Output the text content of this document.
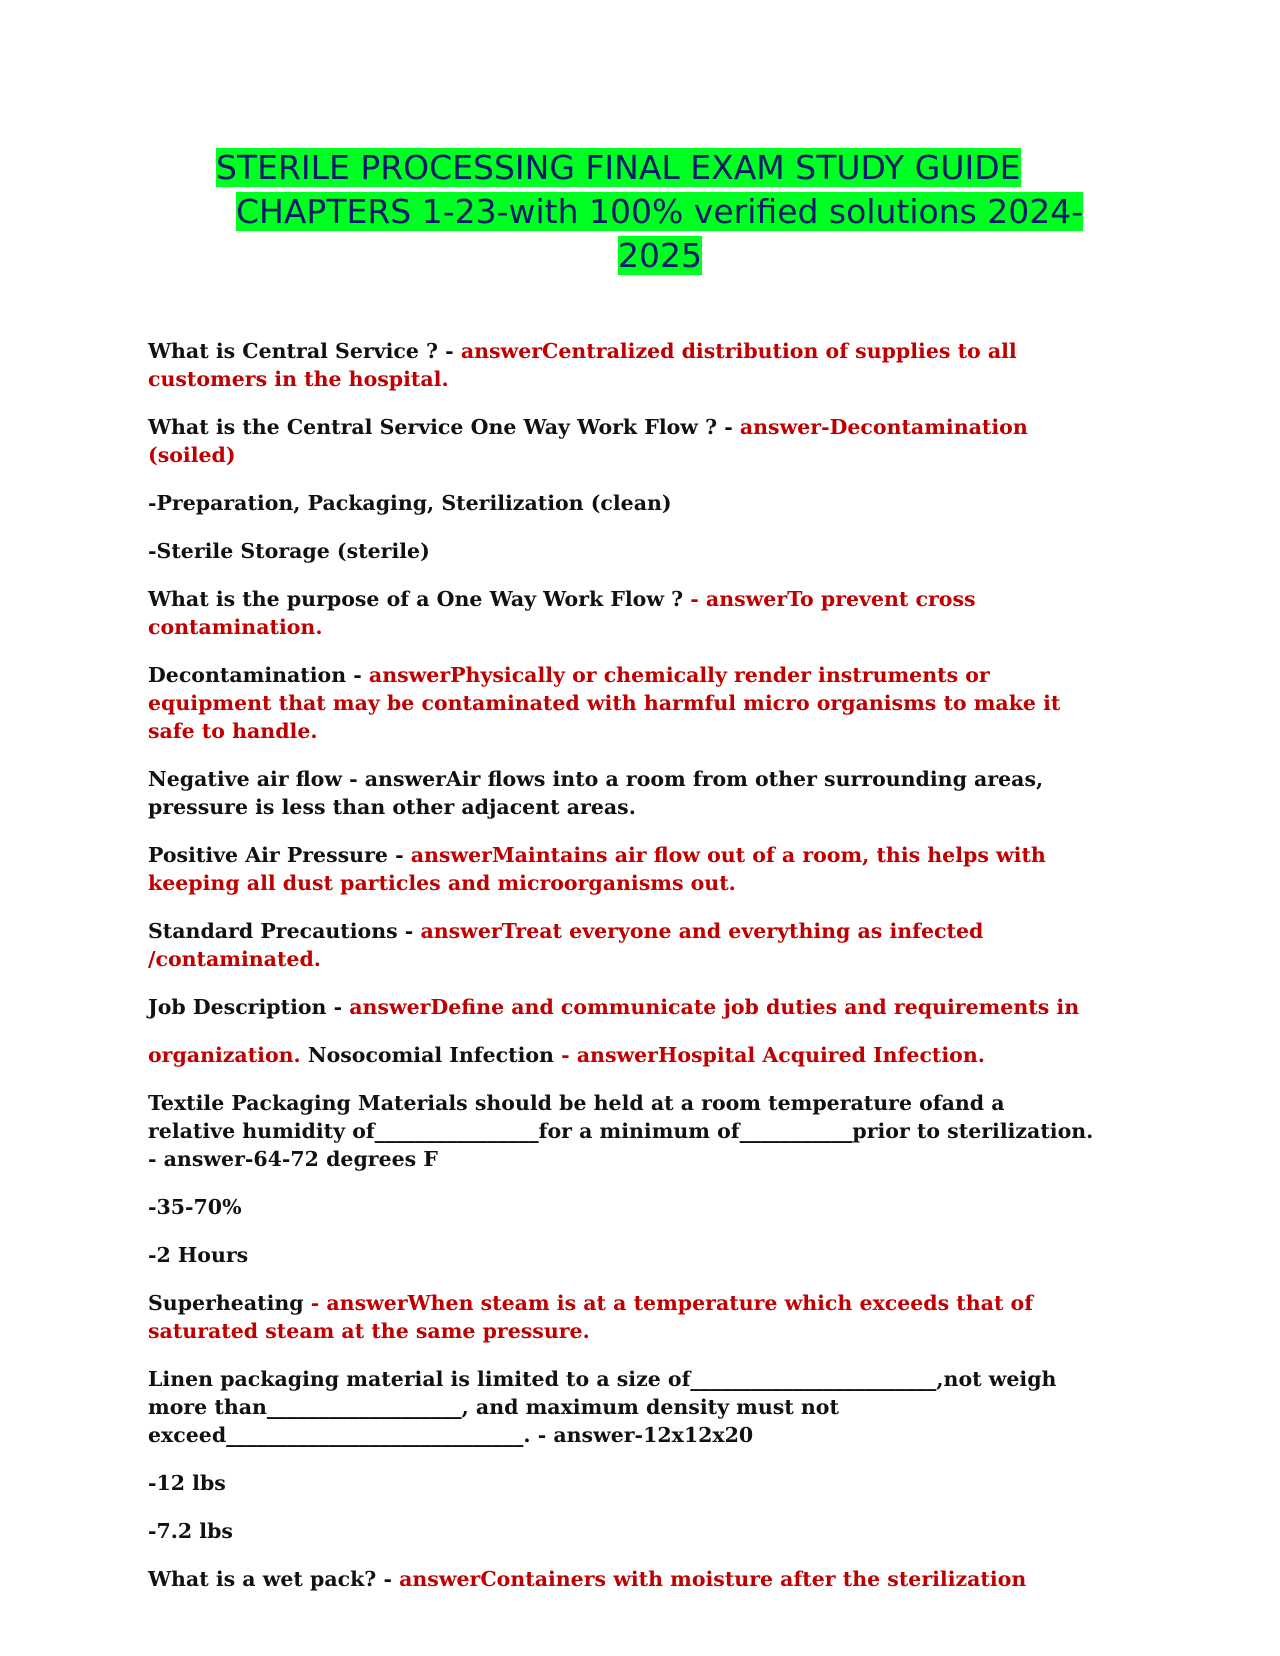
STERILE PROCESSING FINAL EXAM STUDY GUIDE
CHAPTERS 1-23-with 100% verified solutions 2024-
2025

What is Central Service ? - answerCentralized distribution of supplies to all customers in the hospital.

What is the Central Service One Way Work Flow ? - answer-Decontamination (soiled)

-Preparation, Packaging, Sterilization (clean)

-Sterile Storage (sterile)

What is the purpose of a One Way Work Flow ? - answerTo prevent cross contamination.

Decontamination - answerPhysically or chemically render instruments or equipment that may be contaminated with harmful micro organisms to make it safe to handle.

Negative air flow - answerAir flows into a room from other surrounding areas, pressure is less than other adjacent areas.

Positive Air Pressure - answerMaintains air flow out of a room, this helps with keeping all dust particles and microorganisms out.

Standard Precautions - answerTreat everyone and everything as infected /contaminated.

Job Description - answerDefine and communicate job duties and requirements in

organization. Nosocomial Infection - answerHospital Acquired Infection.

Textile Packaging Materials should be held at a room temperature ofand a relative humidity of________________for a minimum of___________prior to sterilization. - answer-64-72 degrees F

-35-70%

-2 Hours

Superheating - answerWhen steam is at a temperature which exceeds that of saturated steam at the same pressure.

Linen packaging material is limited to a size of________________________,not weigh more than___________________, and maximum density must not exceed_____________________________. - answer-12x12x20

-12 lbs

-7.2 lbs

What is a wet pack? - answerContainers with moisture after the sterilization
